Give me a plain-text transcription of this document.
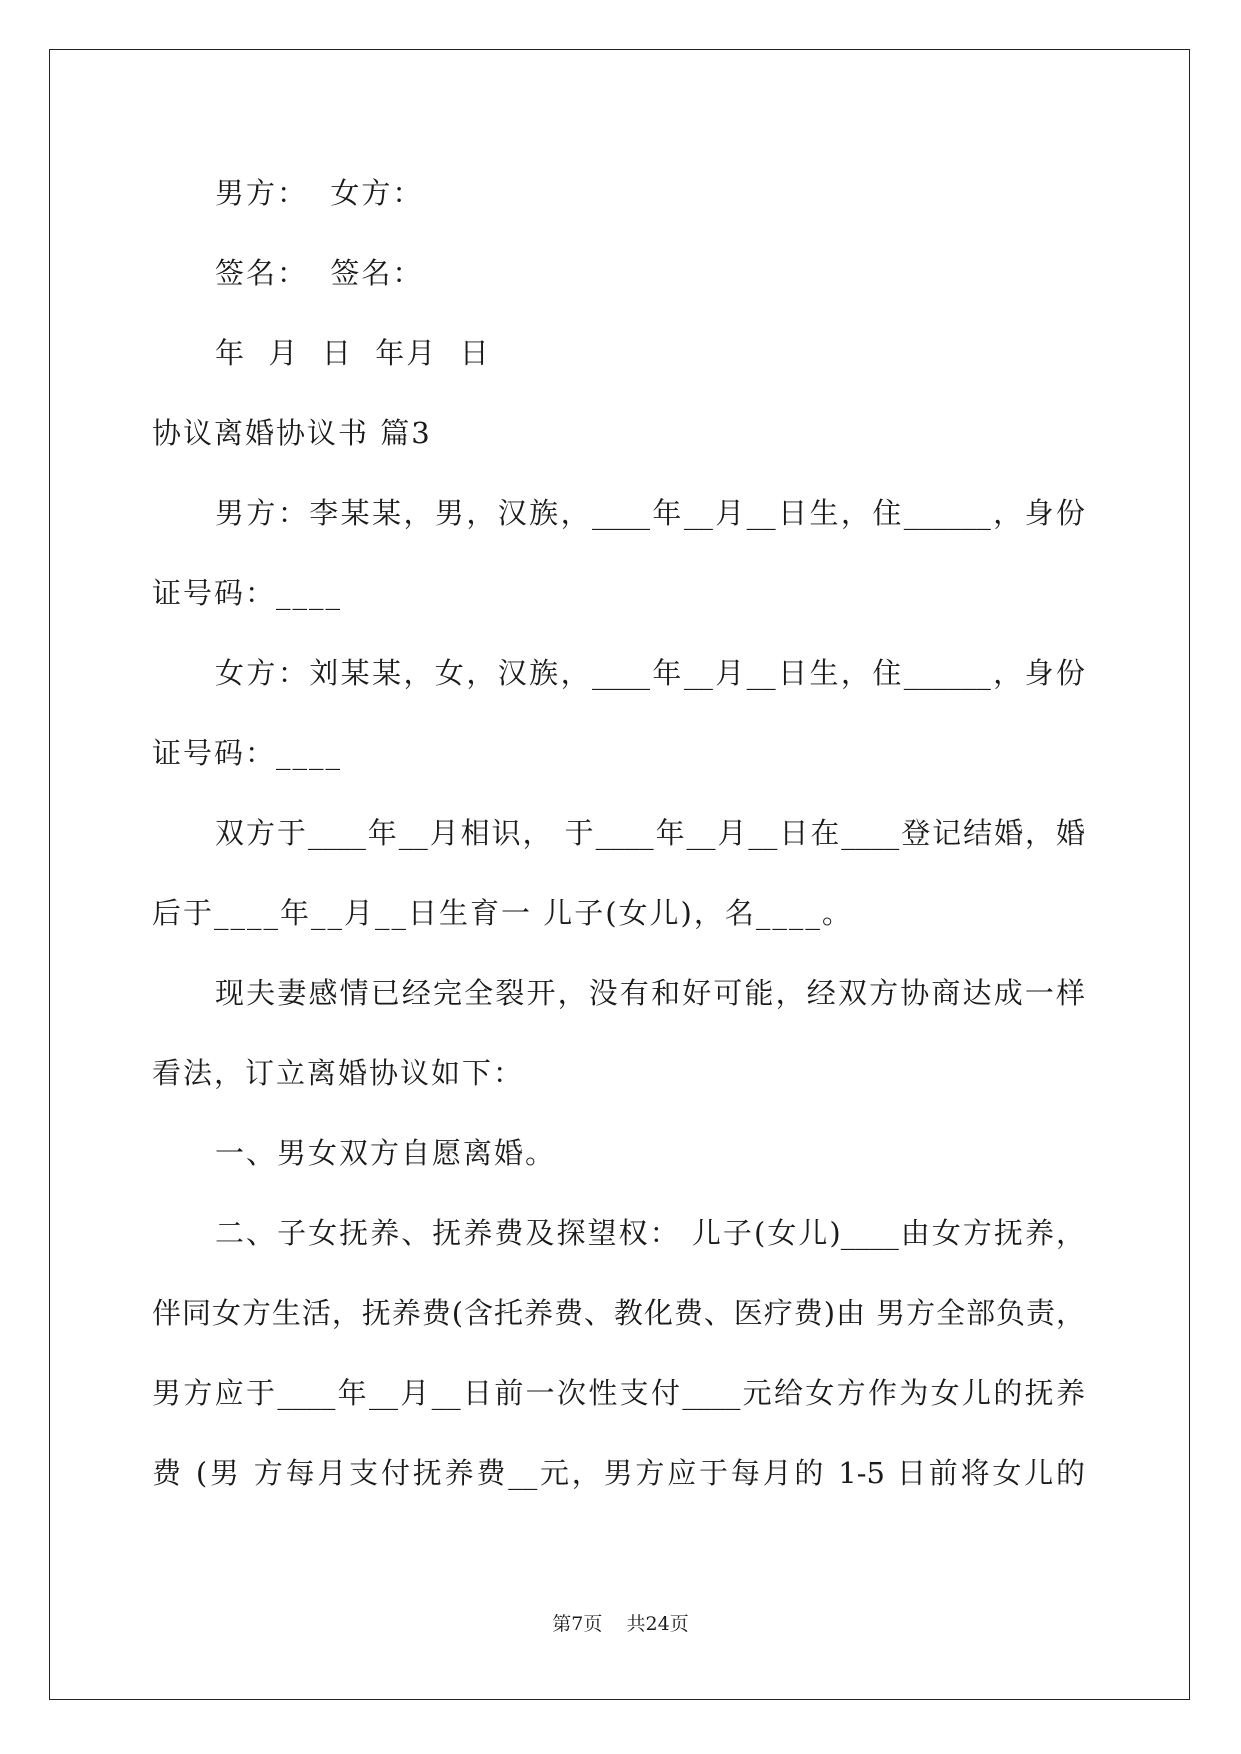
男方：  女方：
签名：  签名：
年  月  日  年月  日
协议离婚协议书 篇3
男方：李某某，男，汉族，____年__月__日生，住______，身份
证号码：____
女方：刘某某，女，汉族，____年__月__日生，住______，身份
证号码：____
双方于____年__月相识， 于____年__月__日在____登记结婚，婚
后于____年__月__日生育一 儿子(女儿)，名____。
现夫妻感情已经完全裂开，没有和好可能，经双方协商达成一样
看法，订立离婚协议如下：
一、男女双方自愿离婚。
二、子女抚养、抚养费及探望权： 儿子(女儿)____由女方抚养，
伴同女方生活，抚养费(含托养费、教化费、医疗费)由 男方全部负责，
男方应于____年__月__日前一次性支付____元给女方作为女儿的抚养
费 (男 方每月支付抚养费__元，男方应于每月的 1-5 日前将女儿的
第7页    共24页
